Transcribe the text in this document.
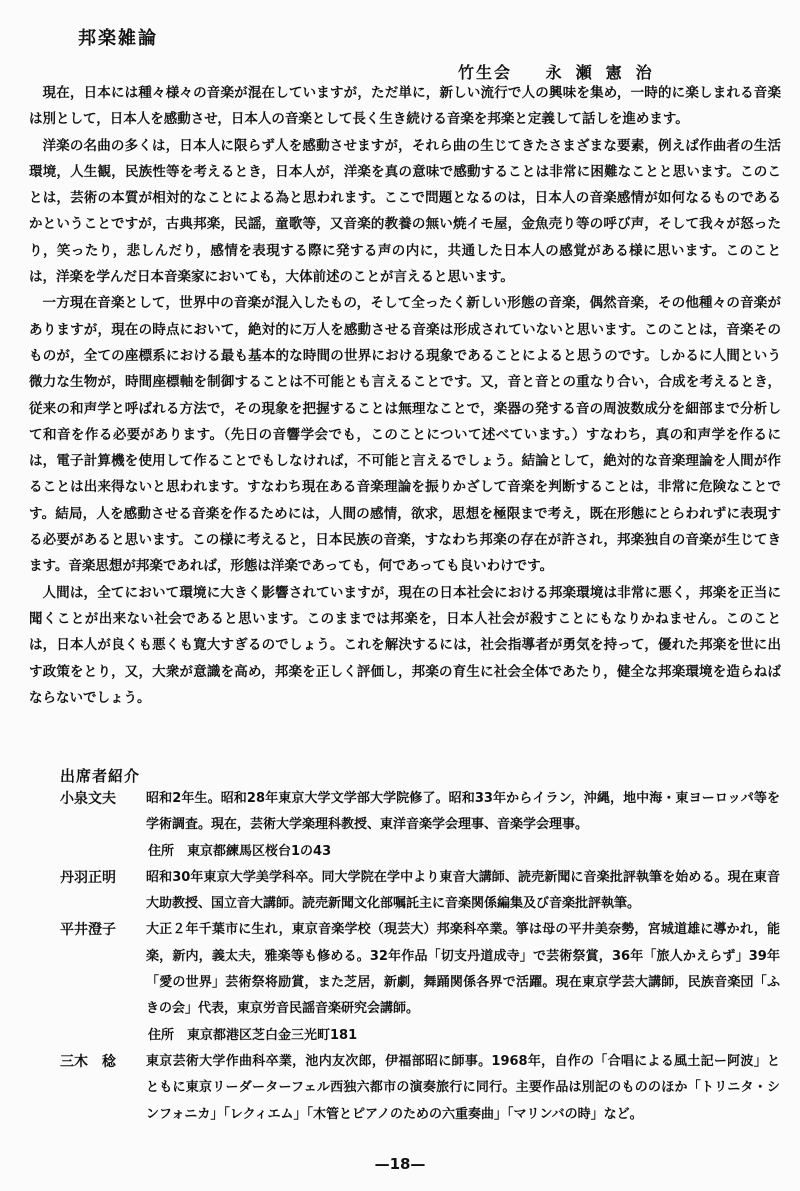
邦楽雑論
竹生会 永瀬憲治

現在，日本には種々様々の音楽が混在していますが，ただ単に，新しい流行で人の興味を集め，一時的に楽しまれる音楽は別として，日本人を感動させ，日本人の音楽として長く生き続ける音楽を邦楽と定義して話しを進めます。

洋楽の名曲の多くは，日本人に限らず人を感動させますが，それら曲の生じてきたさまざまな要素，例えば作曲者の生活環境，人生観，民族性等を考えるとき，日本人が，洋楽を真の意味で感動することは非常に困難なことと思います。このことは，芸術の本質が相対的なことによる為と思われます。ここで問題となるのは，日本人の音楽感情が如何なるものであるかということですが，古典邦楽，民謡，童歌等，又音楽的教養の無い焼イモ屋，金魚売り等の呼び声，そして我々が怒ったり，笑ったり，悲しんだり，感情を表現する際に発する声の内に，共通した日本人の感覚がある様に思います。このことは，洋楽を学んだ日本音楽家においても，大体前述のことが言えると思います。

一方現在音楽として，世界中の音楽が混入したもの，そして全ったく新しい形態の音楽，偶然音楽，その他種々の音楽がありますが，現在の時点において，絶対的に万人を感動させる音楽は形成されていないと思います。このことは，音楽そのものが，全ての座標系における最も基本的な時間の世界における現象であることによると思うのです。しかるに人間という微力な生物が，時間座標軸を制御することは不可能とも言えることです。又，音と音との重なり合い，合成を考えるとき，従来の和声学と呼ばれる方法で，その現象を把握することは無理なことで，楽器の発する音の周波数成分を細部まで分析して和音を作る必要があります。（先日の音響学会でも，このことについて述べています。）すなわち，真の和声学を作るには，電子計算機を使用して作ることでもしなければ，不可能と言えるでしょう。結論として，絶対的な音楽理論を人間が作ることは出来得ないと思われます。すなわち現在ある音楽理論を振りかざして音楽を判断することは，非常に危険なことです。結局，人を感動させる音楽を作るためには，人間の感情，欲求，思想を極限まで考え，既在形態にとらわれずに表現する必要があると思います。この様に考えると，日本民族の音楽，すなわち邦楽の存在が許され，邦楽独自の音楽が生じてきます。音楽思想が邦楽であれば，形態は洋楽であっても，何であっても良いわけです。

人間は，全てにおいて環境に大きく影響されていますが，現在の日本社会における邦楽環境は非常に悪く，邦楽を正当に聞くことが出来ない社会であると思います。このままでは邦楽を，日本人社会が殺すことにもなりかねません。このことは，日本人が良くも悪くも寛大すぎるのでしょう。これを解決するには，社会指導者が勇気を持って，優れた邦楽を世に出す政策をとり，又，大衆が意識を高め，邦楽を正しく評価し，邦楽の育生に社会全体であたり，健全な邦楽環境を造らねばならないでしょう。

出席者紹介
小泉文夫	昭和2年生。昭和28年東京大学文学部大学院修了。昭和33年からイラン，沖縄，地中海・東ヨーロッパ等を学術調査。現在，芸術大学楽理科教授、東洋音楽学会理事、音楽学会理事。
住所　東京都練馬区桜台1の43
丹羽正明	昭和30年東京大学美学科卒。同大学院在学中より東音大講師、読売新聞に音楽批評執筆を始める。現在東音大助教授、国立音大講師。読売新聞文化部嘱託主に音楽関係編集及び音楽批評執筆。
平井澄子	大正２年千葉市に生れ，東京音楽学校（現芸大）邦楽科卒業。箏は母の平井美奈勢，宮城道雄に導かれ，能楽，新内，義太夫，雅楽等も修める。32年作品「切支丹道成寺」で芸術祭賞，36年「旅人かえらず」39年「愛の世界」芸術祭将励賞，また芝居，新劇，舞踊関係各界で活躍。現在東京学芸大講師，民族音楽団「ふきの会」代表，東京労音民謡音楽研究会講師。
住所　東京都港区芝白金三光町181
三木　稔	東京芸術大学作曲科卒業，池内友次郎，伊福部昭に師事。1968年，自作の「合唱による風土記ー阿波」とともに東京リーダーターフェル西独六都市の演奏旅行に同行。主要作品は別記のもののほか「トリニタ・シンフォニカ」「レクィエム」「木管とピアノのための六重奏曲」「マリンバの時」など。
—18—
